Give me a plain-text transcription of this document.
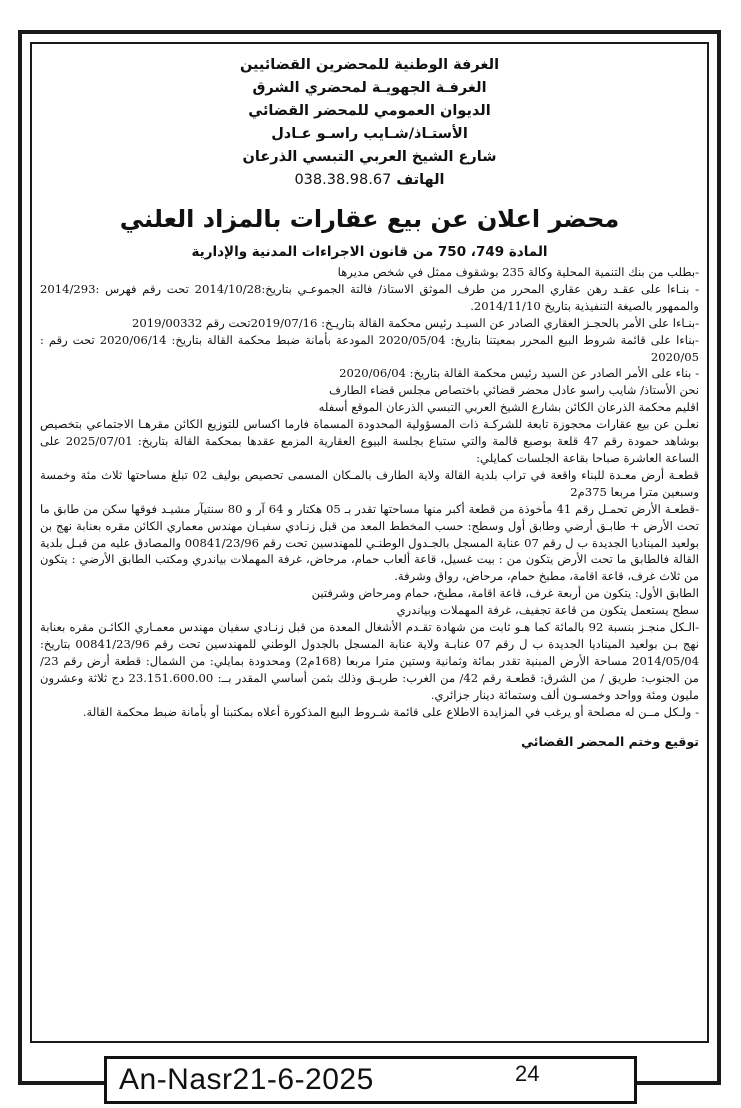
الغرفة الوطنية للمحضرين القضائيين
الغرفـة الجهويـة لمحضري الشرق
الديوان العمومي للمحضر القضائي
الأستـاذ/شـايب راسـو عـادل
شارع الشيخ العربي التبسي الذرعان
الهاتف 038.38.98.67
محضر اعلان عن بيع عقارات بالمزاد العلني
المادة 749، 750 من قانون الاجراءات المدنية والإدارية

-بطلب من بنك التنمية المحلية وكالة 235 بوشقوف ممثل في شخص مديرها

- بنـاءا على عقـد رهن عقاري المحرر من طرف الموثق الاستاذ/ فالتة الجموعـي بتاريخ:2014/10/28 تحت رقم فهرس :2014/293 والممهور بالصيغة التنفيذية بتاريخ 2014/11/10.

-بنـاءا على الأمر بالحجـز العقاري الصادر عن السيـد رئيس محكمة القالة بتاريـخ: 2019/07/16تحت رقم 2019/00332

-بناءا على قائمة شروط البيع المحرر بمعيتنا بتاريخ: 2020/05/04 المودعة بأمانة ضبط محكمة القالة بتاريخ: 2020/06/14 تحت رقم : 2020/05

- بناء على الأمر الصادر عن السيد رئيس محكمة القالة بتاريخ: 2020/06/04

نحن الأستاذ/ شايب راسو عادل محضر قضائي باختصاص مجلس قضاء الطارف

اقليم محكمة الذرعان الكائن بشارع الشيخ العربي التبسي الذرعان الموقع أسفله

نعلـن عن بيع عقارات محجوزة تابعة للشركـة ذات المسؤولية المحدودة المسماة فارما اكساس للتوزيع الكائن مقرهـا الاجتماعي بتخصيص بوشاهد حمودة رقم 47 قلعة بوصبع قالمة والتي ستباع بجلسة البيوع العقارية المزمع عقدها بمحكمة القالة بتاريخ: 2025/07/01 على الساعة العاشرة صباحا بقاعة الجلسات كمايلي:

قطعـة أرض معـدة للبناء واقعة في تراب بلدية القالة ولاية الطارف بالمـكان المسمى تحصيص بوليف 02 تبلغ مساحتها ثلاث مئة وخمسة وسبعين مترا مربعا 375م2

-قطعـة الأرض تحمـل رقم 41 مأخوذة من قطعة أكبر منها مساحتها تقدر بـ 05 هكتار و 64 آر و 80 سنتيآر مشيـد فوقها سكن من طابق ما تحت الأرض + طابـق أرضي وطابق أول وسطح: حسب المخطط المعد من قبل زنـادي سفيـان مهندس معماري الكائن مقره بعنابة نهج بن بولعيد الميناديا الجديدة ب ل رقم 07 عنابة المسجل بالجـدول الوطنـي للمهندسين تحت رقم 00841/23/96 والمصادق عليه من قبـل بلدية القالة فالطابق ما تحت الأرض يتكون من : بيت غسيل، قاعة ألعاب حمام، مرحاض، غرفة المهملات بياندري ومكتب الطابق الأرضي : يتكون من ثلاث غرف، قاعة اقامة، مطبخ حمام، مرحاض، رواق وشرفة.

الطابق الأول: يتكون من أربعة غرف، قاعة اقامة، مطبخ، حمام ومرحاض وشرفتين

سطح يستعمل يتكون من قاعة تجفيف، غرفة المهملات وبياندري

-الـكل منجـز بنسبة 92 بالمائة كما هـو ثابت من شهادة تقـدم الأشغال المعدة من قبل زنـادي سفيان مهندس معمـاري الكائـن مقره بعنابة نهج بـن بولعيد الميناديا الجديدة ب ل رقم 07 عنابـة ولاية عنابة المسجل بالجدول الوطني للمهندسين تحت رقم 00841/23/96 بتاريخ: 2014/05/04 مساحة الأرض المبنية تقدر بمائة وثمانية وستين مترا مربعا (168م2) ومحدودة بمايلي: من الشمال: قطعة أرض رقم 23/ من الجنوب: طريق / من الشرق: قطعـة رقم 42/ من الغرب: طريـق وذلك بثمن أساسي المقدر بــ: 23.151.600.00 دج ثلاثة وعشرون مليون ومئة وواحد وخمسـون ألف وستمائة دينار جزائري.

- ولـكل مــن له مصلحة أو يرغب في المزايدة الاطلاع على قائمة شـروط البيع المذكورة أعلاه بمكتبنا أو بأمانة ضبط محكمة القالة.

توقيع وختم المحضر القضائي
An-Nasr21-6-2025	24
